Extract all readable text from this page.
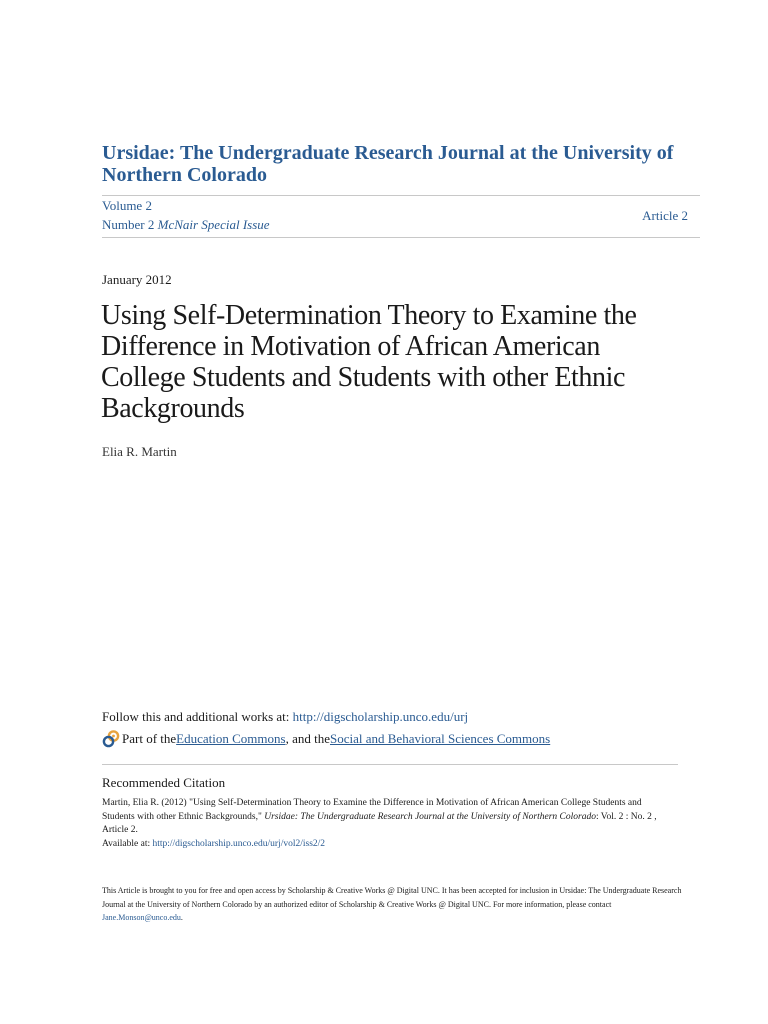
Ursidae: The Undergraduate Research Journal at the University of Northern Colorado
Volume 2
Number 2 McNair Special Issue
Article 2
January 2012
Using Self-Determination Theory to Examine the Difference in Motivation of African American College Students and Students with other Ethnic Backgrounds
Elia R. Martin
Follow this and additional works at: http://digscholarship.unco.edu/urj
Part of the Education Commons , and the Social and Behavioral Sciences Commons
Recommended Citation
Martin, Elia R. (2012) "Using Self-Determination Theory to Examine the Difference in Motivation of African American College Students and Students with other Ethnic Backgrounds," Ursidae: The Undergraduate Research Journal at the University of Northern Colorado: Vol. 2 : No. 2 , Article 2.
Available at: http://digscholarship.unco.edu/urj/vol2/iss2/2
This Article is brought to you for free and open access by Scholarship & Creative Works @ Digital UNC. It has been accepted for inclusion in Ursidae: The Undergraduate Research Journal at the University of Northern Colorado by an authorized editor of Scholarship & Creative Works @ Digital UNC. For more information, please contact Jane.Monson@unco.edu.
